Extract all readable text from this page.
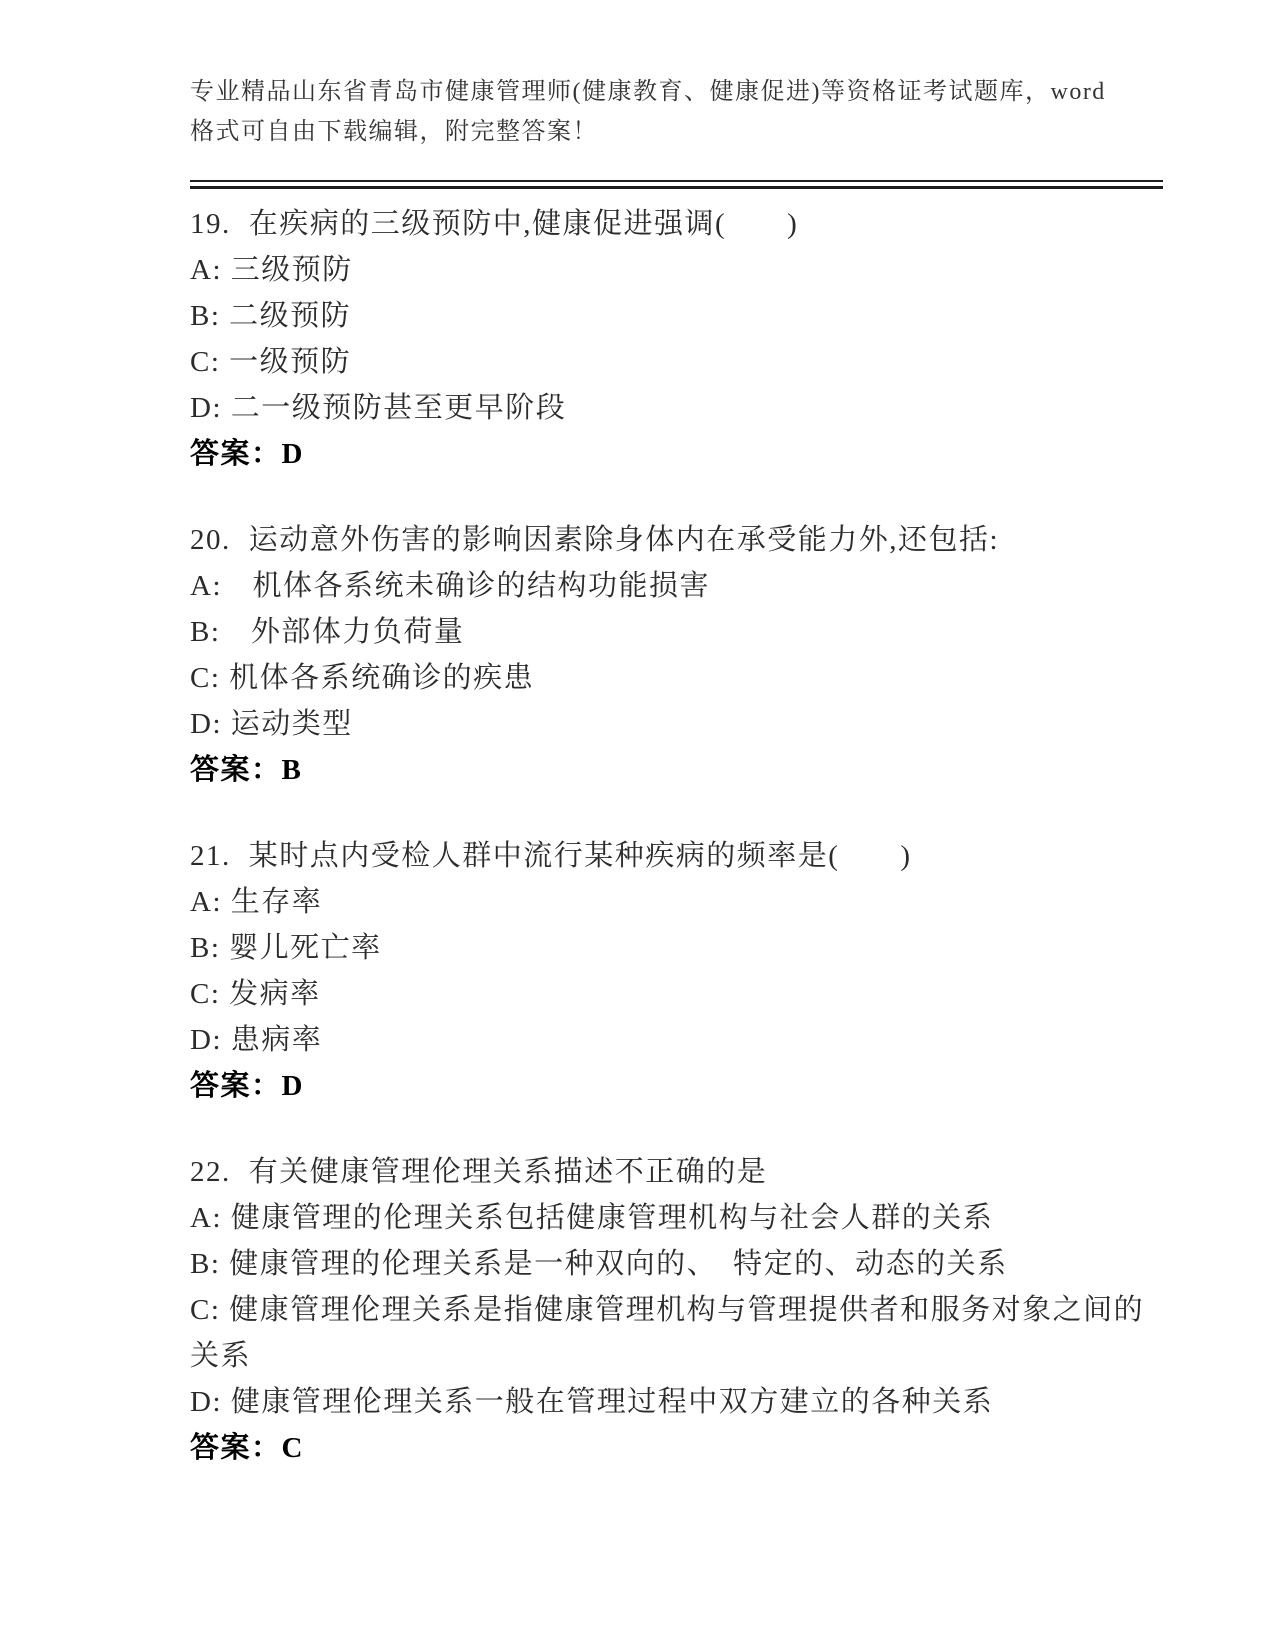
专业精品山东省青岛市健康管理师(健康教育、健康促进)等资格证考试题库，word
格式可自由下载编辑，附完整答案！
19. 在疾病的三级预防中,健康促进强调(　　)
A: 三级预防
B: 二级预防
C: 一级预防
D: 二一级预防甚至更早阶段
答案：D
20. 运动意外伤害的影响因素除身体内在承受能力外,还包括:
A:　机体各系统未确诊的结构功能损害
B:　外部体力负荷量
C: 机体各系统确诊的疾患
D: 运动类型
答案：B
21. 某时点内受检人群中流行某种疾病的频率是(　　)
A: 生存率
B: 婴儿死亡率
C: 发病率
D: 患病率
答案：D
22. 有关健康管理伦理关系描述不正确的是
A: 健康管理的伦理关系包括健康管理机构与社会人群的关系
B: 健康管理的伦理关系是一种双向的、　特定的、动态的关系
C: 健康管理伦理关系是指健康管理机构与管理提供者和服务对象之间的关系
D: 健康管理伦理关系一般在管理过程中双方建立的各种关系
答案：C
